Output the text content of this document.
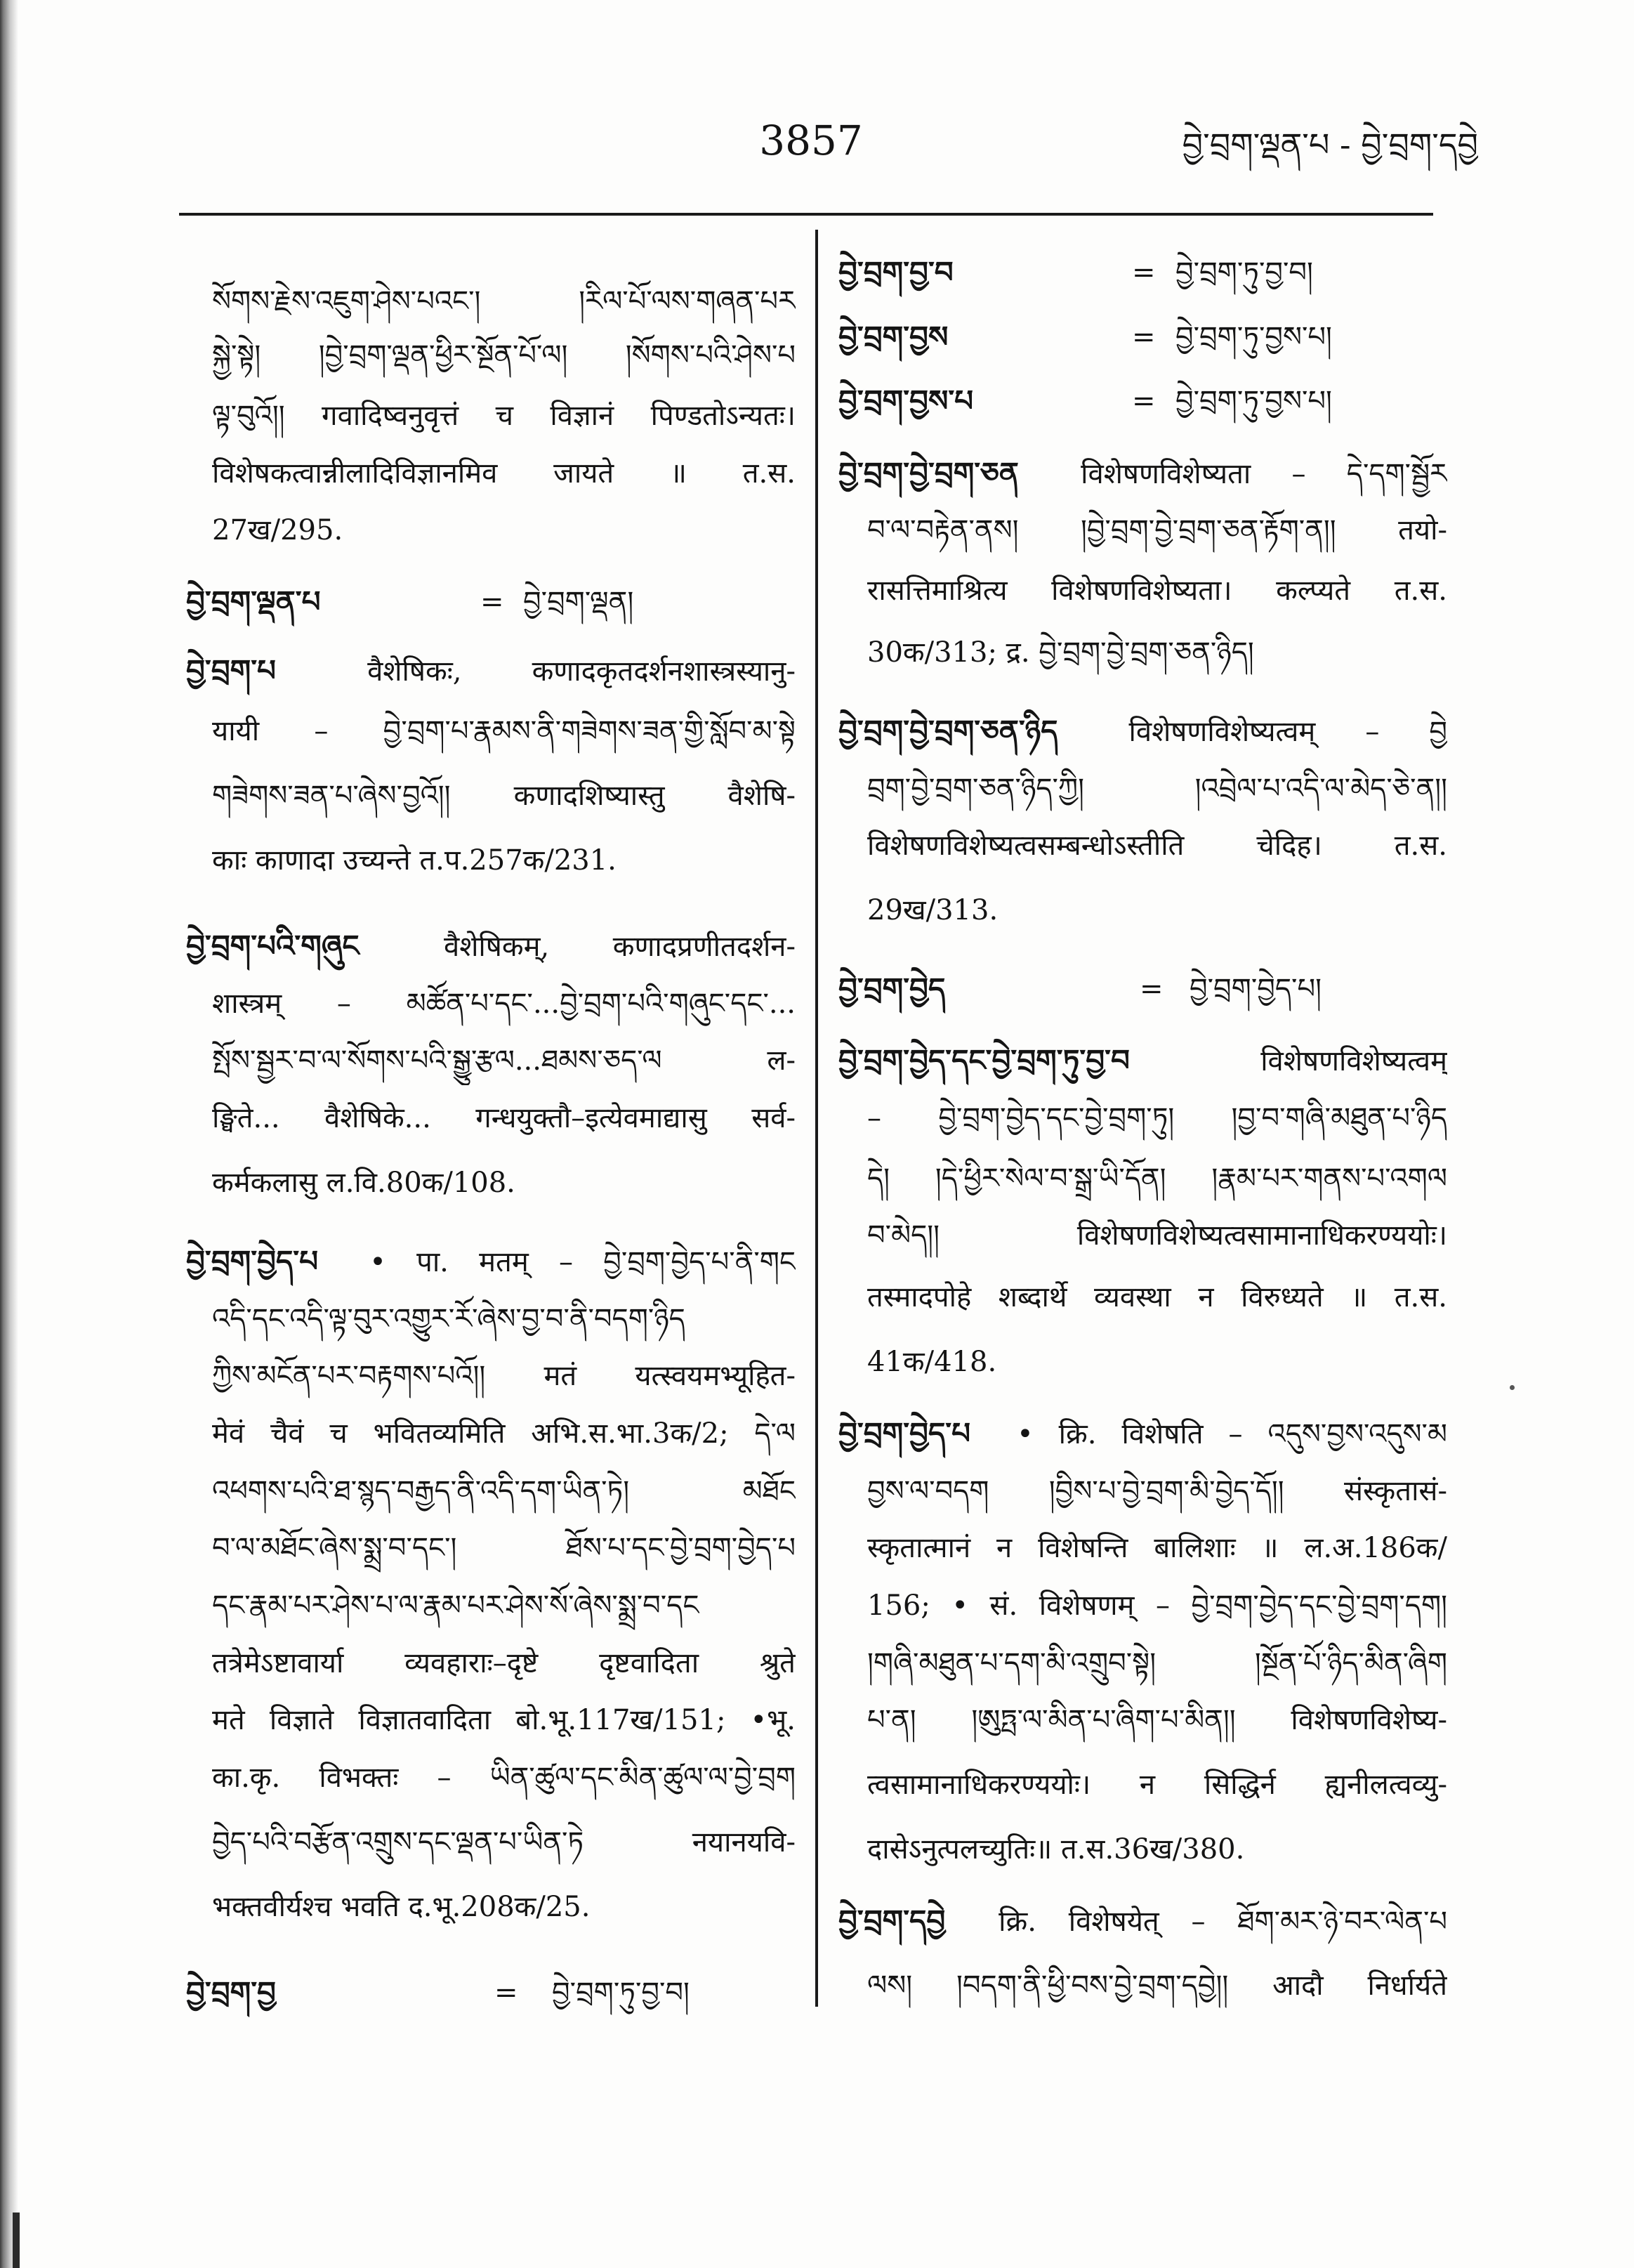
3857	བྱེ་བྲག་ལྡན་པ - བྱེ་བྲག་དབྱེ
སོགས་རྗེས་འཇུག་ཤེས་པའང་། །རིལ་པོ་ལས་གཞན་པར
སྐྱེ་སྟེ། །བྱེ་བྲག་ལྡན་ཕྱིར་སྔོན་པོ་ལ། །སོགས་པའི་ཤེས་པ
ལྟ་བུའོ།། गवादिष्वनुवृत्तं च विज्ञानं पिण्डतोऽन्यतः।
विशेषकत्वान्नीलादिविज्ञानमिव जायते ॥ त.स.
27ख/295.
བྱེ་བྲག་ལྡན་པ	= བྱེ་བྲག་ལྡན།
བྱེ་བྲག་པ	वैशेषिकः, कणादकृतदर्शनशास्त्रस्यानु-
यायी – བྱེ་བྲག་པ་རྣམས་ནི་གཟེགས་ཟན་གྱི་སློབ་མ་སྟེ
གཟེགས་ཟན་པ་ཞེས་བྱའོ།། कणादशिष्यास्तु वैशेषि-
काः काणादा उच्यन्ते त.प.257क/231.
བྱེ་བྲག་པའི་གཞུང	वैशेषिकम्, कणादप्रणीतदर्शन-
शास्त्रम् – མཚོན་པ་དང་...བྱེ་བྲག་པའི་གཞུང་དང་...
སྤོས་སྦྱར་བ་ལ་སོགས་པའི་སྒྱུ་རྩལ...ཐམས་ཅད་ལ ल-
ङ्घिते... वैशेषिके... गन्धयुक्तौ–इत्येवमाद्यासु सर्व-
कर्मकलासु ल.वि.80क/108.
བྱེ་བྲག་བྱེད་པ • पा. मतम् – བྱེ་བྲག་བྱེད་པ་ནི་གང
འདི་དང་འདི་ལྟ་བུར་འགྱུར་རོ་ཞེས་བྱ་བ་ནི་བདག་ཉིད
ཀྱིས་མངོན་པར་བརྟགས་པའོ།། मतं यत्स्वयमभ्यूहित-
मेवं चैवं च भवितव्यमिति अभि.स.भा.3क/2; དེ་ལ
འཕགས་པའི་ཐ་སྙད་བརྒྱད་ནི་འདི་དག་ཡིན་ཏེ། མཐོང
བ་ལ་མཐོང་ཞེས་སྨྲ་བ་དང་། ཐོས་པ་དང་བྱེ་བྲག་བྱེད་པ
དང་རྣམ་པར་ཤེས་པ་ལ་རྣམ་པར་ཤེས་སོ་ཞེས་སྨྲ་བ་དང
तत्रेमेऽष्टावार्या व्यवहाराः–दृष्टे दृष्टवादिता श्रुते
मते विज्ञाते विज्ञातवादिता बो.भू.117ख/151; •भू.
का.कृ. विभक्तः – ཡིན་ཚུལ་དང་མིན་ཚུལ་ལ་བྱེ་བྲག
བྱེད་པའི་བརྩོན་འགྲུས་དང་ལྡན་པ་ཡིན་ཏེ नयानयवि-
भक्तवीर्यश्च भवति द.भू.208क/25.
བྱེ་བྲག་བྱ	= བྱེ་བྲག་ཏུ་བྱ་བ།
བྱེ་བྲག་བྱ་བ	= བྱེ་བྲག་ཏུ་བྱ་བ།
བྱེ་བྲག་བྱས	= བྱེ་བྲག་ཏུ་བྱས་པ།
བྱེ་བྲག་བྱས་པ	= བྱེ་བྲག་ཏུ་བྱས་པ།
བྱེ་བྲག་བྱེ་བྲག་ཅན विशेषणविशेष्यता – དེ་དག་སྦྱོར
བ་ལ་བརྟེན་ནས། །བྱེ་བྲག་བྱེ་བྲག་ཅན་རྟོག་ན།། तयो-
रासत्तिमाश्रित्य विशेषणविशेष्यता। कल्प्यते त.स.
30क/313; द्र. བྱེ་བྲག་བྱེ་བྲག་ཅན་ཉིད།
བྱེ་བྲག་བྱེ་བྲག་ཅན་ཉིད	विशेषणविशेष्यत्वम् – བྱེ
བྲག་བྱེ་བྲག་ཅན་ཉིད་ཀྱི། །འབྲེལ་པ་འདི་ལ་མེད་ཅེ་ན།།
विशेषणविशेष्यत्वसम्बन्धोऽस्तीति चेदिह। त.स.
29ख/313.
བྱེ་བྲག་བྱེད	= བྱེ་བྲག་བྱེད་པ།
བྱེ་བྲག་བྱེད་དང་བྱེ་བྲག་ཏུ་བྱ་བ	विशेषणविशेष्यत्वम्
– བྱེ་བྲག་བྱེད་དང་བྱེ་བྲག་ཏུ། །བྱ་བ་གཞི་མཐུན་པ་ཉིད
དེ། །དེ་ཕྱིར་སེལ་བ་སྒྲ་ཡི་དོན། །རྣམ་པར་གནས་པ་འགལ
བ་མེད།། विशेषणविशेष्यत्वसामानाधिकरण्ययोः।
तस्मादपोहे शब्दार्थे व्यवस्था न विरुध्यते ॥ त.स.
41क/418.
བྱེ་བྲག་བྱེད་པ • क्रि. विशेषति – འདུས་བྱས་འདུས་མ
བྱས་ལ་བདག །བྱིས་པ་བྱེ་བྲག་མི་བྱེད་དོ།། संस्कृतासं-
स्कृतात्मानं न विशेषन्ति बालिशाः ॥ ल.अ.186क/
156; • सं. विशेषणम् – བྱེ་བྲག་བྱེད་དང་བྱེ་བྲག་དག།
།གཞི་མཐུན་པ་དག་མི་འགྲུབ་སྟེ། །སྔོན་པོ་ཉིད་མིན་ཞིག
པ་ན། །ཨུཏྤ་ལ་མིན་པ་ཞིག་པ་མིན།། विशेषणविशेष्य-
त्वसामानाधिकरण्ययोः। न सिद्धिर्न ह्यनीलत्वव्यु-
दासेऽनुत्पलच्युतिः॥ त.स.36ख/380.
བྱེ་བྲག་དབྱེ क्रि. विशेषयेत् – ཐོག་མར་ཉེ་བར་ལེན་པ
ལས། །བདག་ནི་ཕྱི་བས་བྱེ་བྲག་དབྱེ།། आदौ निर्धार्यते
